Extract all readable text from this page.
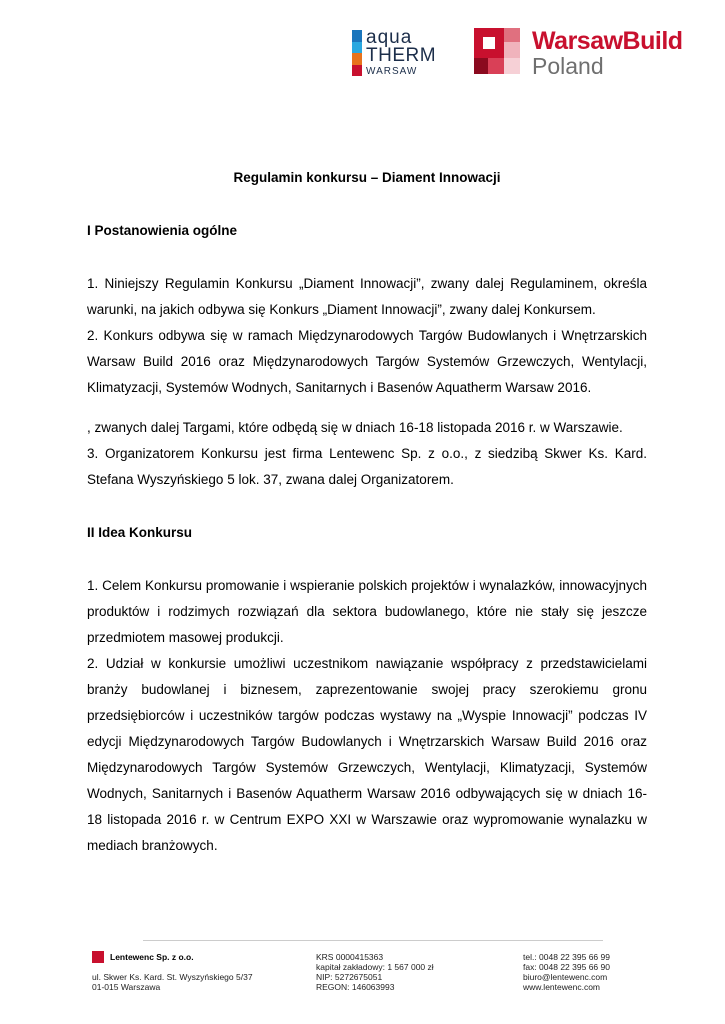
aqua
THERM
WARSAW
WarsawBuild
Poland

Regulamin konkursu – Diament Innowacji

I Postanowienia ogólne

1. Niniejszy Regulamin Konkursu „Diament Innowacji”, zwany dalej Regulaminem, określa warunki, na jakich odbywa się Konkurs „Diament Innowacji”, zwany dalej Konkursem.

2. Konkurs odbywa się w ramach Międzynarodowych Targów Budowlanych i Wnętrzarskich Warsaw Build 2016 oraz Międzynarodowych Targów Systemów Grzewczych, Wentylacji, Klimatyzacji, Systemów Wodnych, Sanitarnych i Basenów Aquatherm Warsaw 2016.

, zwanych dalej Targami, które odbędą się w dniach 16-18 listopada 2016 r. w Warszawie.

3. Organizatorem Konkursu jest firma Lentewenc Sp. z o.o., z siedzibą Skwer Ks. Kard. Stefana Wyszyńskiego 5 lok. 37, zwana dalej Organizatorem.

II Idea Konkursu

1. Celem Konkursu promowanie i wspieranie polskich projektów i wynalazków, innowacyjnych produktów i rodzimych rozwiązań dla sektora budowlanego, które nie stały się jeszcze przedmiotem masowej produkcji.

2. Udział w konkursie umożliwi uczestnikom nawiązanie współpracy z przedstawicielami branży budowlanej i biznesem, zaprezentowanie swojej pracy szerokiemu gronu przedsiębiorców i uczestników targów podczas wystawy na „Wyspie Innowacji” podczas IV edycji Międzynarodowych Targów Budowlanych i Wnętrzarskich Warsaw Build 2016 oraz Międzynarodowych Targów Systemów Grzewczych, Wentylacji, Klimatyzacji, Systemów Wodnych, Sanitarnych i Basenów Aquatherm Warsaw 2016 odbywających się w dniach 16-18 listopada 2016 r. w Centrum EXPO XXI w Warszawie oraz wypromowanie wynalazku w mediach branżowych.

Lentewenc Sp. z o.o.
ul. Skwer Ks. Kard. St. Wyszyńskiego 5/37
01-015 Warszawa
KRS 0000415363
kapitał zakładowy: 1 567 000 zł
NIP: 5272675051
REGON: 146063993
tel.: 0048 22 395 66 99
fax: 0048 22 395 66 90
biuro@lentewenc.com
www.lentewenc.com
